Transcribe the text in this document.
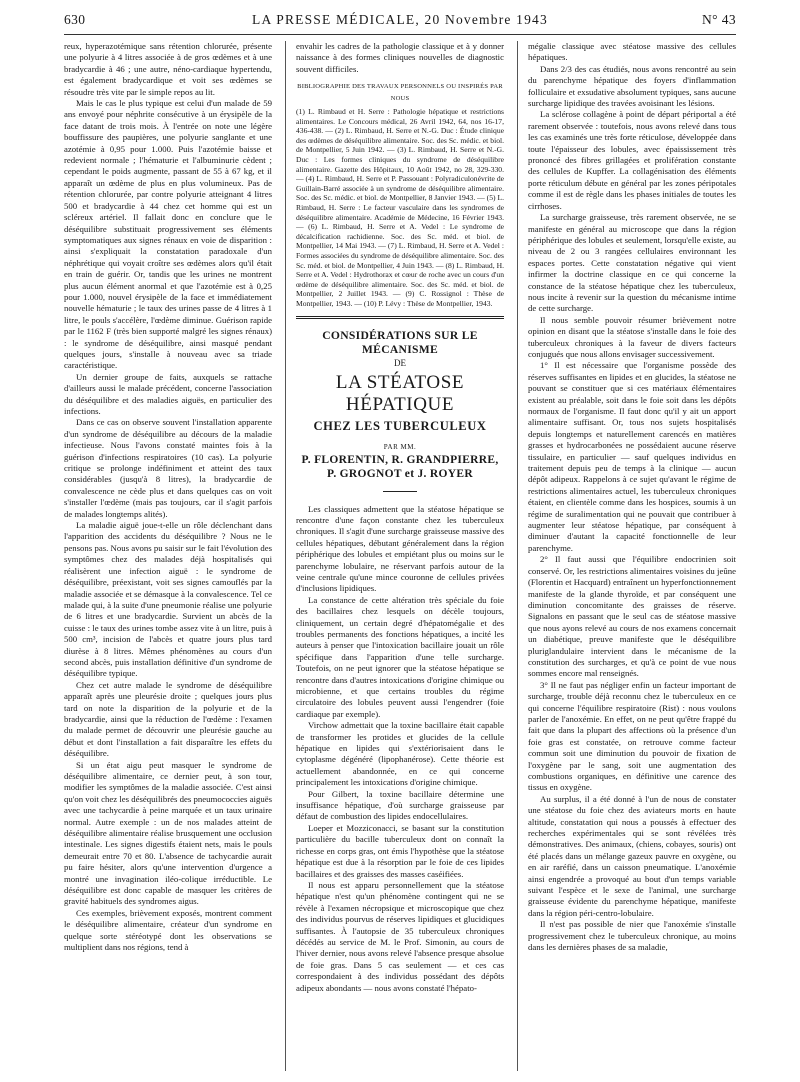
630	LA PRESSE MÉDICALE, 20 Novembre 1943	N° 43

reux, hyperazotémique sans rétention chlorurée, présente une polyurie à 4 litres associée à de gros œdèmes et à une bradycardie à 46 ; une autre, néno-cardiaque hypertendu, est également bradycardique et voit ses œdèmes se résoudre très vite par le simple repos au lit.

Mais le cas le plus typique est celui d'un malade de 59 ans envoyé pour néphrite consécutive à un érysipèle de la face datant de trois mois. À l'entrée on note une légère bouffissure des paupières, une polyurie sanglante et une azotémie à 0,95 pour 1.000. Puis l'azotémie baisse et redevient normale ; l'hématurie et l'albuminurie cèdent ; cependant le poids augmente, passant de 55 à 67 kg, et il apparaît un œdème de plus en plus volumineux. Pas de rétention chlorurée, par contre polyurie atteignant 4 litres 500 et bradycardie à 44 chez cet homme qui est un scléreux artériel. Il fallait donc en conclure que le déséquilibre substituait progressivement ses éléments symptomatiques aux signes rénaux en voie de disparition : ainsi s'expliquait la constatation paradoxale d'un néphrétique qui voyait croître ses œdèmes alors qu'il était en train de guérir. Or, tandis que les urines ne montrent plus aucun élément anormal et que l'azotémie est à 0,25 pour 1.000, nouvel érysipèle de la face et immédiatement nouvelle hématurie ; le taux des urines passe de 4 litres à 1 litre, le pouls s'accélère, l'œdème diminue. Guérison rapide par le 1162 F (très bien supporté malgré les signes rénaux) : le syndrome de déséquilibre, ainsi masqué pendant quelques jours, s'installe à nouveau avec sa triade caractéristique.

Un dernier groupe de faits, auxquels se rattache d'ailleurs aussi le malade précédent, concerne l'association du déséquilibre et des maladies aiguës, en particulier des infections.

Dans ce cas on observe souvent l'installation apparente d'un syndrome de déséquilibre au décours de la maladie infectieuse. Nous l'avons constaté maintes fois à la guérison d'infections respiratoires (10 cas). La polyurie critique se prolonge indéfiniment et atteint des taux considérables (jusqu'à 8 litres), la bradycardie de convalescence ne cède plus et dans quelques cas on voit s'installer l'œdème (mais pas toujours, car il s'agit parfois de malades longtemps alités).

La maladie aiguë joue-t-elle un rôle déclenchant dans l'apparition des accidents du déséquilibre ? Nous ne le pensons pas. Nous avons pu saisir sur le fait l'évolution des symptômes chez des malades déjà hospitalisés qui réalisèrent une infection aiguë : le syndrome de déséquilibre, préexistant, voit ses signes camouflés par la maladie associée et se démasque à la convalescence. Tel ce malade qui, à la suite d'une pneumonie réalise une polyurie de 6 litres et une bradycardie. Survient un abcès de la cuisse : le taux des urines tombe assez vite à un litre, puis à 500 cm³, incision de l'abcès et quatre jours plus tard diurèse à 8 litres. Mêmes phénomènes au cours d'un second abcès, puis installation définitive d'un syndrome de déséquilibre typique.

Chez cet autre malade le syndrome de déséquilibre apparaît après une pleurésie droite ; quelques jours plus tard on note la disparition de la polyurie et de la bradycardie, ainsi que la réduction de l'œdème : l'examen du malade permet de découvrir une pleurésie gauche au début et dont l'installation a fait disparaître les effets du déséquilibre.

Si un état aigu peut masquer le syndrome de déséquilibre alimentaire, ce dernier peut, à son tour, modifier les symptômes de la maladie associée. C'est ainsi qu'on voit chez les déséquilibrés des pneumococcies aiguës avec une tachycardie à peine marquée et un taux urinaire normal. Autre exemple : un de nos malades atteint de déséquilibre alimentaire réalise brusquement une occlusion intestinale. Les signes digestifs étaient nets, mais le pouls demeurait entre 70 et 80. L'absence de tachycardie aurait pu faire hésiter, alors qu'une intervention d'urgence a montré une invagination iléo-colique irréductible. Le déséquilibre est donc capable de masquer les critères de gravité habituels des syndromes aigus.

Ces exemples, brièvement exposés, montrent comment le déséquilibre alimentaire, créateur d'un syndrome en quelque sorte stéréotypé dont les observations se multiplient dans nos régions, tend à

envahir les cadres de la pathologie classique et à y donner naissance à des formes cliniques nouvelles de diagnostic souvent difficiles.

BIBLIOGRAPHIE DES TRAVAUX PERSONNELS OU INSPIRÉS PAR NOUS

(1) L. Rimbaud et H. Serre : Pathologie hépatique et restrictions alimentaires. Le Concours médical, 26 Avril 1942, 64, nos 16-17, 436-438. — (2) L. Rimbaud, H. Serre et N.-G. Duc : Étude clinique des œdèmes de déséquilibre alimentaire. Soc. des Sc. médic. et biol. de Montpellier, 5 Juin 1942. — (3) L. Rimbaud, H. Serre et N.-G. Duc : Les formes cliniques du syndrome de déséquilibre alimentaire. Gazette des Hôpitaux, 10 Août 1942, no 28, 329-330. — (4) L. Rimbaud, H. Serre et P. Passouant : Polyradiculonévrite de Guillain-Barré associée à un syndrome de déséquilibre alimentaire. Soc. des Sc. médic. et biol. de Montpellier, 8 Janvier 1943. — (5) L. Rimbaud, H. Serre : Le facteur vasculaire dans les syndromes de déséquilibre alimentaire. Académie de Médecine, 16 Février 1943. — (6) L. Rimbaud, H. Serre et A. Vedel : Le syndrome de décalcification rachidienne. Soc. des Sc. méd. et biol. de Montpellier, 14 Mai 1943. — (7) L. Rimbaud, H. Serre et A. Vedel : Formes associées du syndrome de déséquilibre alimentaire. Soc. des Sc. méd. et biol. de Montpellier, 4 Juin 1943. — (8) L. Rimbaud, H. Serre et A. Vedel : Hydrothorax et cœur de roche avec un cours d'un œdème de déséquilibre alimentaire. Soc. des Sc. méd. et biol. de Montpellier, 2 Juillet 1943. — (9) C. Rossignol : Thèse de Montpellier, 1943. — (10) P. Lévy : Thèse de Montpellier, 1943.

CONSIDÉRATIONS SUR LE MÉCANISME
DE
LA STÉATOSE HÉPATIQUE
CHEZ LES TUBERCULEUX
PAR MM.
P. FLORENTIN, R. GRANDPIERRE,
P. GROGNOT et J. ROYER

Les classiques admettent que la stéatose hépatique se rencontre d'une façon constante chez les tuberculeux chroniques. Il s'agit d'une surcharge graisseuse massive des cellules hépatiques, débutant généralement dans la région périphérique des lobules et empiétant plus ou moins sur le parenchyme lobulaire, ne réservant parfois autour de la veine centrale qu'une mince couronne de cellules privées d'inclusions lipidiques.

La constance de cette altération très spéciale du foie des bacillaires chez lesquels on décèle toujours, cliniquement, un certain degré d'hépatomégalie et des troubles permanents des fonctions hépatiques, a incité les auteurs à penser que l'intoxication bacillaire jouait un rôle spécifique dans l'apparition d'une telle surcharge. Toutefois, on ne peut ignorer que la stéatose hépatique se rencontre dans d'autres intoxications d'origine chimique ou microbienne, et que certains troubles du régime circulatoire des lobules peuvent aussi l'engendrer (foie cardiaque par exemple).

Virchow admettait que la toxine bacillaire était capable de transformer les protides et glucides de la cellule hépatique en lipides qui s'extériorisaient dans le cytoplasme dégénéré (lipophanérose). Cette théorie est actuellement abandonnée, en ce qui concerne principalement les intoxications d'origine chimique.

Pour Gilbert, la toxine bacillaire détermine une insuffisance hépatique, d'où surcharge graisseuse par défaut de combustion des lipides endocellulaires.

Loeper et Mozziconacci, se basant sur la constitution particulière du bacille tuberculeux dont on connaît la richesse en corps gras, ont émis l'hypothèse que la stéatose hépatique est due à la résorption par le foie de ces lipides bacillaires et des graisses des masses caséifiées.

Il nous est apparu personnellement que la stéatose hépatique n'est qu'un phénomène contingent qui ne se révèle à l'examen nécropsique et microscopique que chez des individus pourvus de réserves lipidiques et glucidiques suffisantes. À l'autopsie de 35 tuberculeux chroniques décédés au service de M. le Prof. Simonin, au cours de l'hiver dernier, nous avons relevé l'absence presque absolue de foie gras. Dans 5 cas seulement — et ces cas correspondaient à des individus possédant des dépôts adipeux abondants — nous avons constaté l'hépato-

mégalie classique avec stéatose massive des cellules hépatiques.

Dans 2/3 des cas étudiés, nous avons rencontré au sein du parenchyme hépatique des foyers d'inflammation folliculaire et exsudative absolument typiques, sans aucune surcharge lipidique des travées avoisinant les lésions.

La sclérose collagène à point de départ périportal a été rarement observée : toutefois, nous avons relevé dans tous les cas examinés une très forte réticulose, développée dans toute l'épaisseur des lobules, avec épaississement très prononcé des fibres grillagées et prolifération constante des cellules de Kupffer. La collagénisation des éléments porte réticulum débute en général par les zones péripotales comme il est de règle dans les phases initiales de toutes les cirrhoses.

La surcharge graisseuse, très rarement observée, ne se manifeste en général au microscope que dans la région périphérique des lobules et seulement, lorsqu'elle existe, au niveau de 2 ou 3 rangées cellulaires environnant les espaces portes. Cette constatation négative qui vient infirmer la doctrine classique en ce qui concerne la constance de la stéatose hépatique chez les tuberculeux, nous incite à revenir sur la question du mécanisme intime de cette surcharge.

Il nous semble pouvoir résumer brièvement notre opinion en disant que la stéatose s'installe dans le foie des tuberculeux chroniques à la faveur de divers facteurs conjugués que nous allons envisager successivement.

1° Il est nécessaire que l'organisme possède des réserves suffisantes en lipides et en glucides, la stéatose ne pouvant se constituer que si ces matériaux élémentaires existent au préalable, soit dans le foie soit dans les dépôts normaux de l'organisme. Il faut donc qu'il y ait un apport alimentaire suffisant. Or, tous nos sujets hospitalisés depuis longtemps et naturellement carencés en matières grasses et hydrocarbonées ne possédaient aucune réserve tissulaire, en particulier — sauf quelques individus en traitement depuis peu de temps à la clinique — aucun dépôt adipeux. Rappelons à ce sujet qu'avant le régime de restrictions alimentaires actuel, les tuberculeux chroniques étaient, en clientèle comme dans les hospices, soumis à un régime de suralimentation qui ne pouvait que contribuer à augmenter leur stéatose hépatique, par conséquent à diminuer d'autant la capacité fonctionnelle de leur parenchyme.

2° Il faut aussi que l'équilibre endocrinien soit conservé. Or, les restrictions alimentaires voisines du jeûne (Florentin et Hacquard) entraînent un hyperfonctionnement manifeste de la glande thyroïde, et par conséquent une diminution concomitante des graisses de réserve. Signalons en passant que le seul cas de stéatose massive que nous ayons relevé au cours de nos examens concernait un diabétique, preuve manifeste que le déséquilibre pluriglandulaire intervient dans le mécanisme de la constitution des surcharges, et qu'à ce point de vue nous sommes encore mal renseignés.

3° Il ne faut pas négliger enfin un facteur important de surcharge, trouble déjà reconnu chez le tuberculeux en ce qui concerne l'équilibre respiratoire (Rist) : nous voulons parler de l'anoxémie. En effet, on ne peut qu'être frappé du fait que dans la plupart des affections où la présence d'un foie gras est constatée, on retrouve comme facteur commun soit une diminution du pouvoir de fixation de l'oxygène par le sang, soit une augmentation des combustions organiques, en définitive une carence des tissus en oxygène.

Au surplus, il a été donné à l'un de nous de constater une stéatose du foie chez des aviateurs morts en haute altitude, constatation qui nous a poussés à effectuer des recherches expérimentales qui se sont révélées très démonstratives. Des animaux, (chiens, cobayes, souris) ont été placés dans un mélange gazeux pauvre en oxygène, ou en air raréfié, dans un caisson pneumatique. L'anoxémie ainsi engendrée a provoqué au bout d'un temps variable suivant l'espèce et le sexe de l'animal, une surcharge graisseuse évidente du parenchyme hépatique, manifeste dans la région péri-centro-lobulaire.

Il n'est pas possible de nier que l'anoxémie s'installe progressivement chez le tuberculeux chronique, au moins dans les dernières phases de sa maladie,
